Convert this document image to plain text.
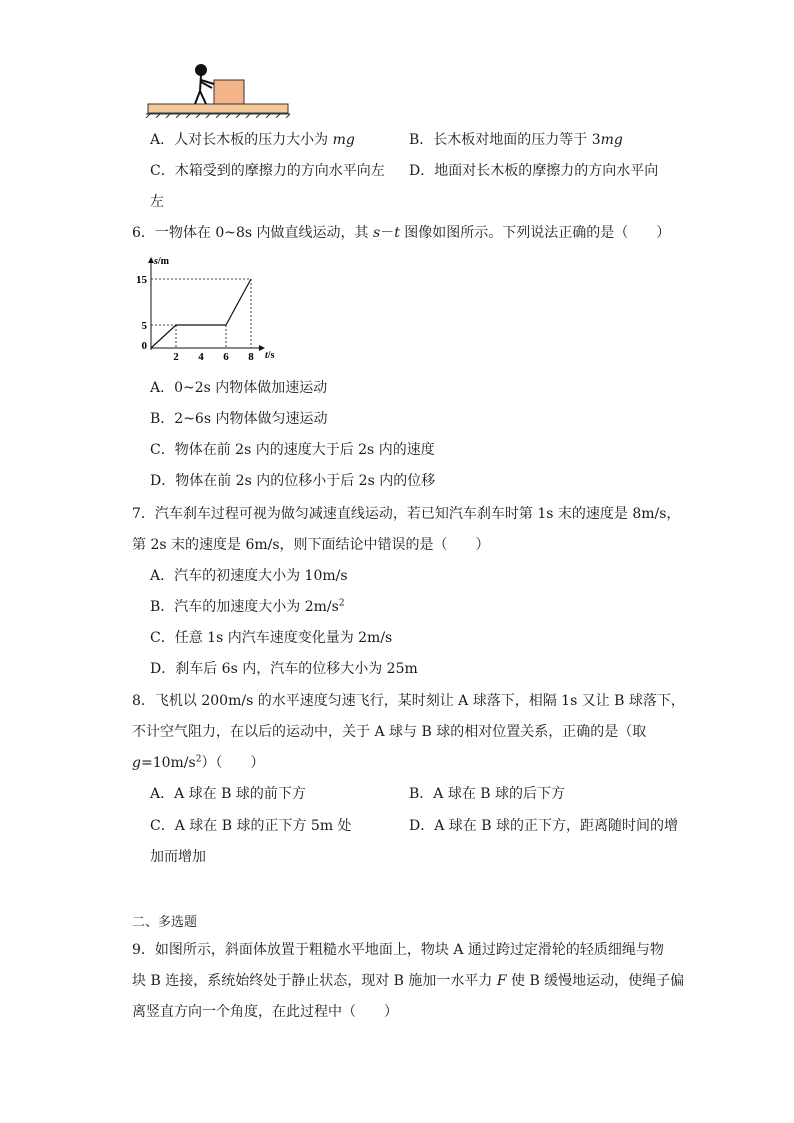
A．人对长木板的压力大小为 mg	B．长木板对地面的压力等于 3mg
C．木箱受到的摩擦力的方向水平向左 D．地面对长木板的摩擦力的方向水平向
左
6．一物体在 0~8s 内做直线运动，其 s－t 图像如图所示。下列说法正确的是（　　）
s/m
t/s
2 4 6 8
0
5
15
A．0~2s 内物体做加速运动
B．2~6s 内物体做匀速运动
C．物体在前 2s 内的速度大于后 2s 内的速度
D．物体在前 2s 内的位移小于后 2s 内的位移
7．汽车刹车过程可视为做匀减速直线运动，若已知汽车刹车时第 1s 末的速度是 8m/s，
第 2s 末的速度是 6m/s，则下面结论中错误的是（　　）
A．汽车的初速度大小为 10m/s
B．汽车的加速度大小为 $2m/s^2$
C．任意 1s 内汽车速度变化量为 2m/s
D．刹车后 6s 内，汽车的位移大小为 25m
8．飞机以 200m/s 的水平速度匀速飞行，某时刻让 A 球落下，相隔 1s 又让 B 球落下，
不计空气阻力，在以后的运动中，关于 A 球与 B 球的相对位置关系，正确的是（取
$g=10m/s^2$）（　　）
A．A 球在 B 球的前下方	B．A 球在 B 球的后下方
C．A 球在 B 球的正下方 5m 处	D．A 球在 B 球的正下方，距离随时间的增
加而增加
二、多选题
9．如图所示，斜面体放置于粗糙水平地面上，物块 A 通过跨过定滑轮的轻质细绳与物
块 B 连接，系统始终处于静止状态，现对 B 施加一水平力 F 使 B 缓慢地运动，使绳子偏
离竖直方向一个角度，在此过程中（　　）
